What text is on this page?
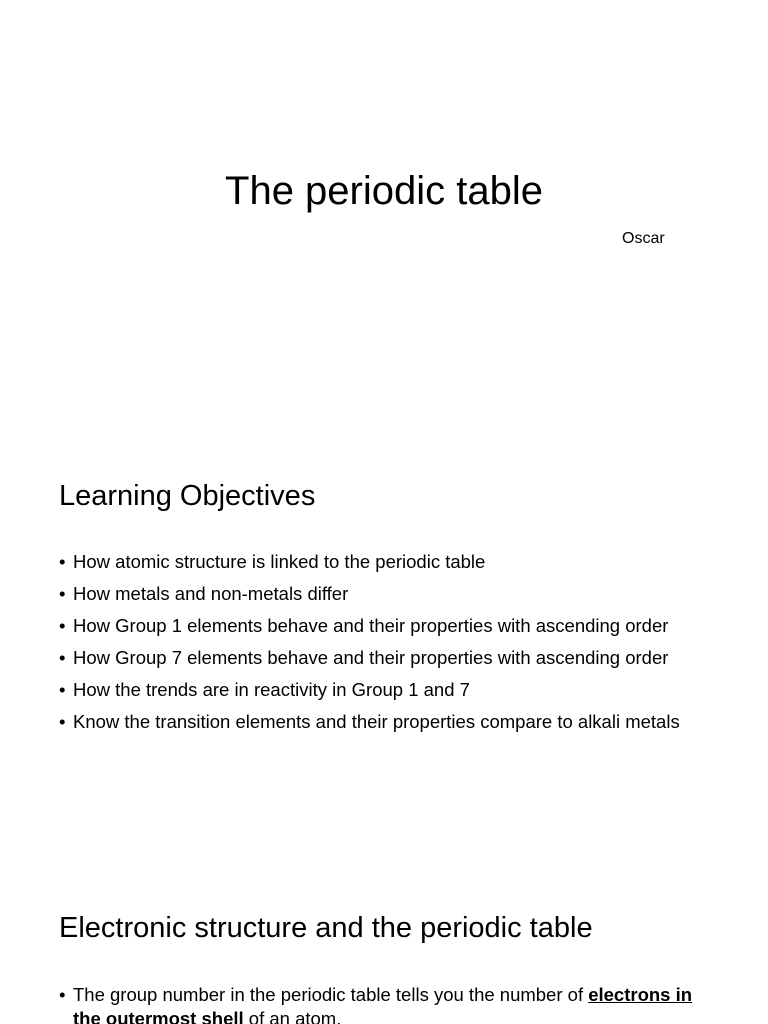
The periodic table

Oscar

Learning Objectives
• How atomic structure is linked to the periodic table
• How metals and non-metals differ
• How Group 1 elements behave and their properties with ascending order
• How Group 7 elements behave and their properties with ascending order
• How the trends are in reactivity in Group 1 and 7
• Know the transition elements and their properties compare to alkali metals
Electronic structure and the periodic table
• The group number in the periodic table tells you the number of electrons in the outermost shell of an atom.
